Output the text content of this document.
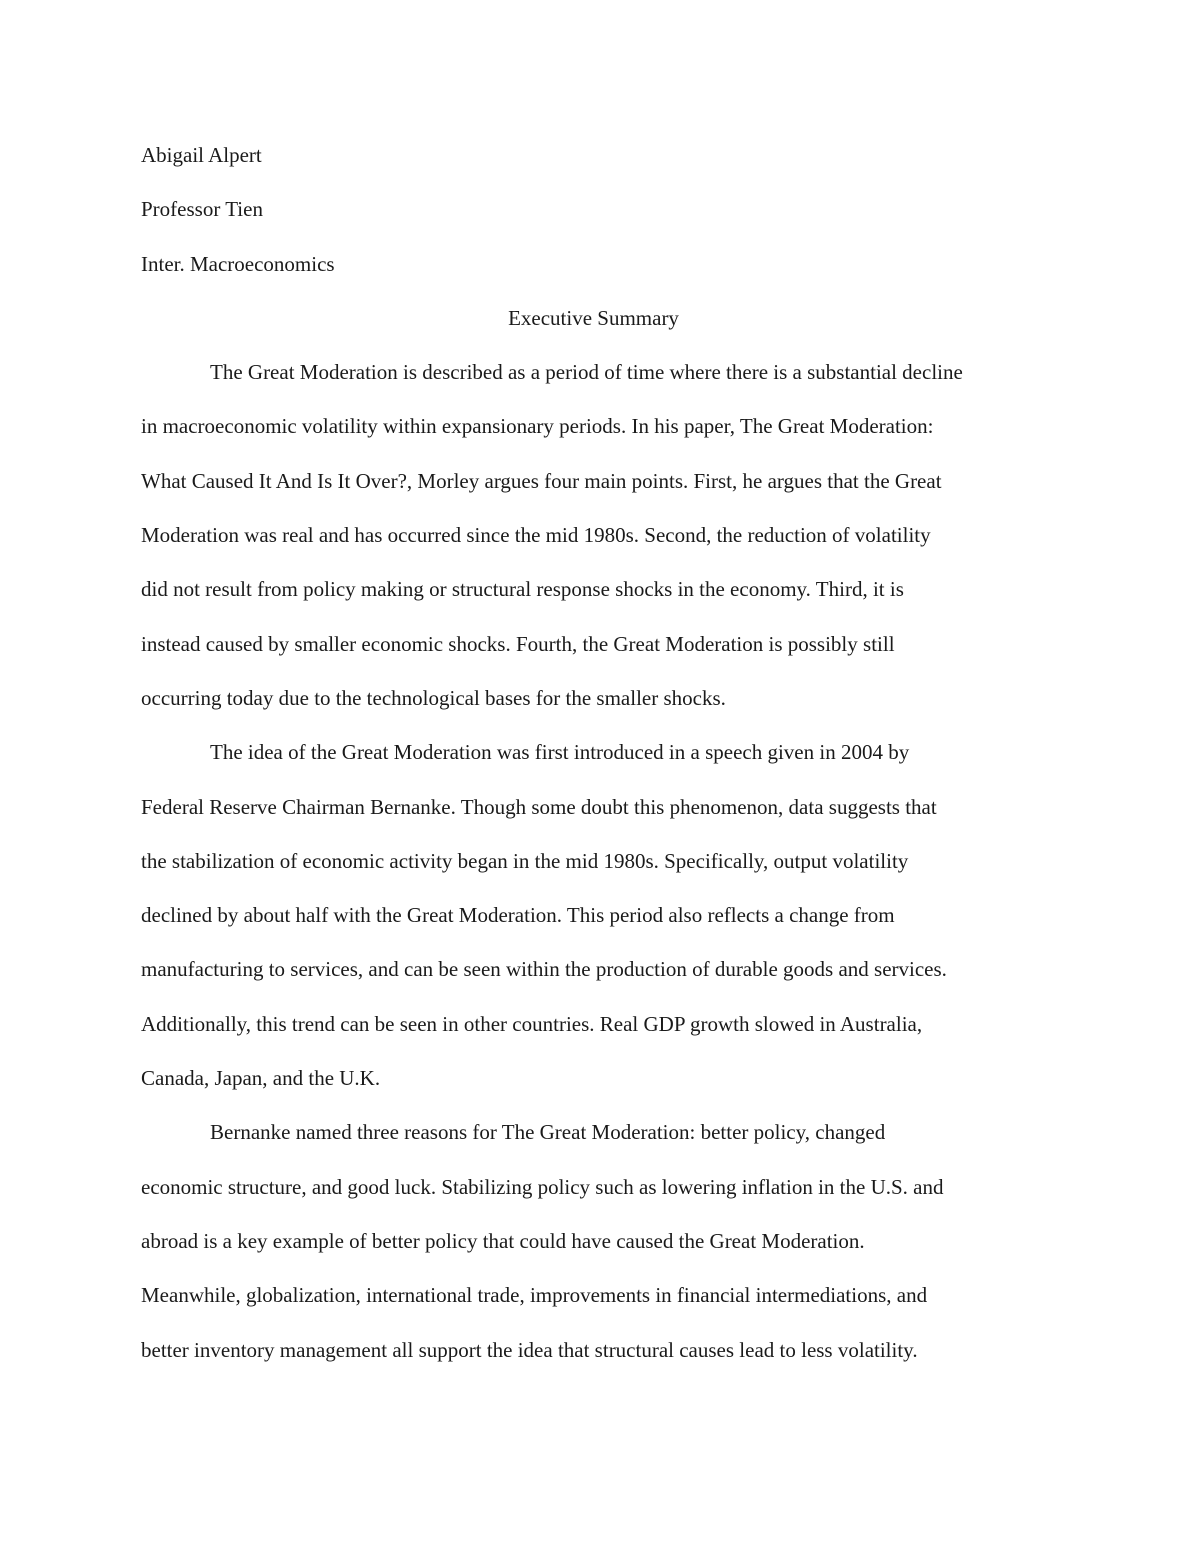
Abigail Alpert

Professor Tien

Inter. Macroeconomics

Executive Summary

The Great Moderation is described as a period of time where there is a substantial decline
in macroeconomic volatility within expansionary periods. In his paper, The Great Moderation:
What Caused It And Is It Over?, Morley argues four main points. First, he argues that the Great
Moderation was real and has occurred since the mid 1980s. Second, the reduction of volatility
did not result from policy making or structural response shocks in the economy. Third, it is
instead caused by smaller economic shocks. Fourth, the Great Moderation is possibly still
occurring today due to the technological bases for the smaller shocks.
The idea of the Great Moderation was first introduced in a speech given in 2004 by
Federal Reserve Chairman Bernanke. Though some doubt this phenomenon, data suggests that
the stabilization of economic activity began in the mid 1980s. Specifically, output volatility
declined by about half with the Great Moderation. This period also reflects a change from
manufacturing to services, and can be seen within the production of durable goods and services.
Additionally, this trend can be seen in other countries. Real GDP growth slowed in Australia,
Canada, Japan, and the U.K.
Bernanke named three reasons for The Great Moderation: better policy, changed
economic structure, and good luck. Stabilizing policy such as lowering inflation in the U.S. and
abroad is a key example of better policy that could have caused the Great Moderation.
Meanwhile, globalization, international trade, improvements in financial intermediations, and
better inventory management all support the idea that structural causes lead to less volatility.
